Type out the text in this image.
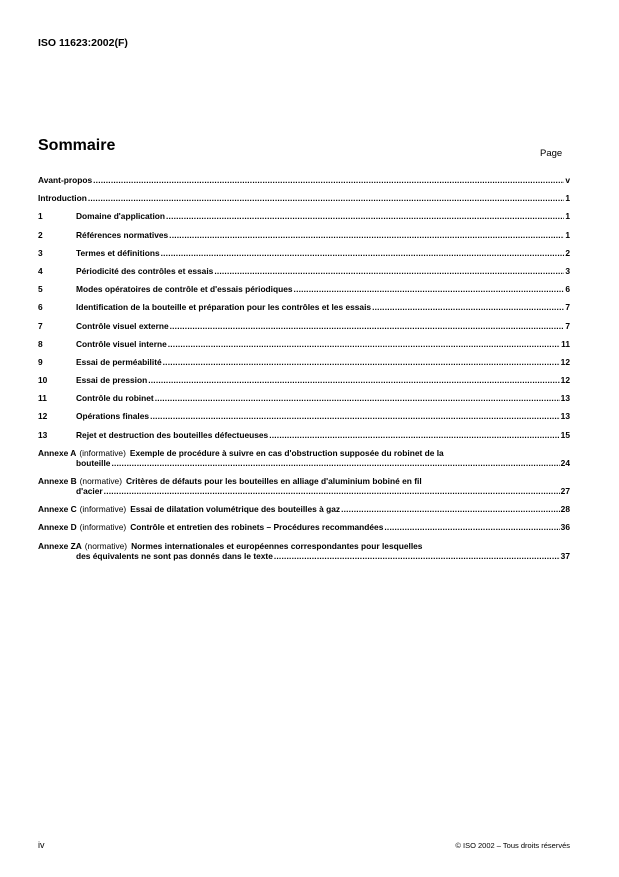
ISO 11623:2002(F)
Sommaire	Page
Avant-propos .....	v
Introduction .....	1
1	Domaine d'application .....	1
2	Références normatives .....	1
3	Termes et définitions .....	2
4	Périodicité des contrôles et essais .....	3
5	Modes opératoires de contrôle et d'essais périodiques .....	6
6	Identification de la bouteille et préparation pour les contrôles et les essais .....	7
7	Contrôle visuel externe .....	7
8	Contrôle visuel interne .....	11
9	Essai de perméabilité .....	12
10	Essai de pression .....	12
11	Contrôle du robinet .....	13
12	Opérations finales .....	13
13	Rejet et destruction des bouteilles défectueuses .....	15
Annexe A (informative) Exemple de procédure à suivre en cas d'obstruction supposée du robinet de la
bouteille .....	24
Annexe B (normative) Critères de défauts pour les bouteilles en alliage d'aluminium bobiné en fil
d'acier .....	27
Annexe C (informative) Essai de dilatation volumétrique des bouteilles à gaz .....	28
Annexe D (informative) Contrôle et entretien des robinets – Procédures recommandées .....	36
Annexe ZA (normative) Normes internationales et européennes correspondantes pour lesquelles
des équivalents ne sont pas donnés dans le texte .....	37
iv	© ISO 2002 – Tous droits réservés
